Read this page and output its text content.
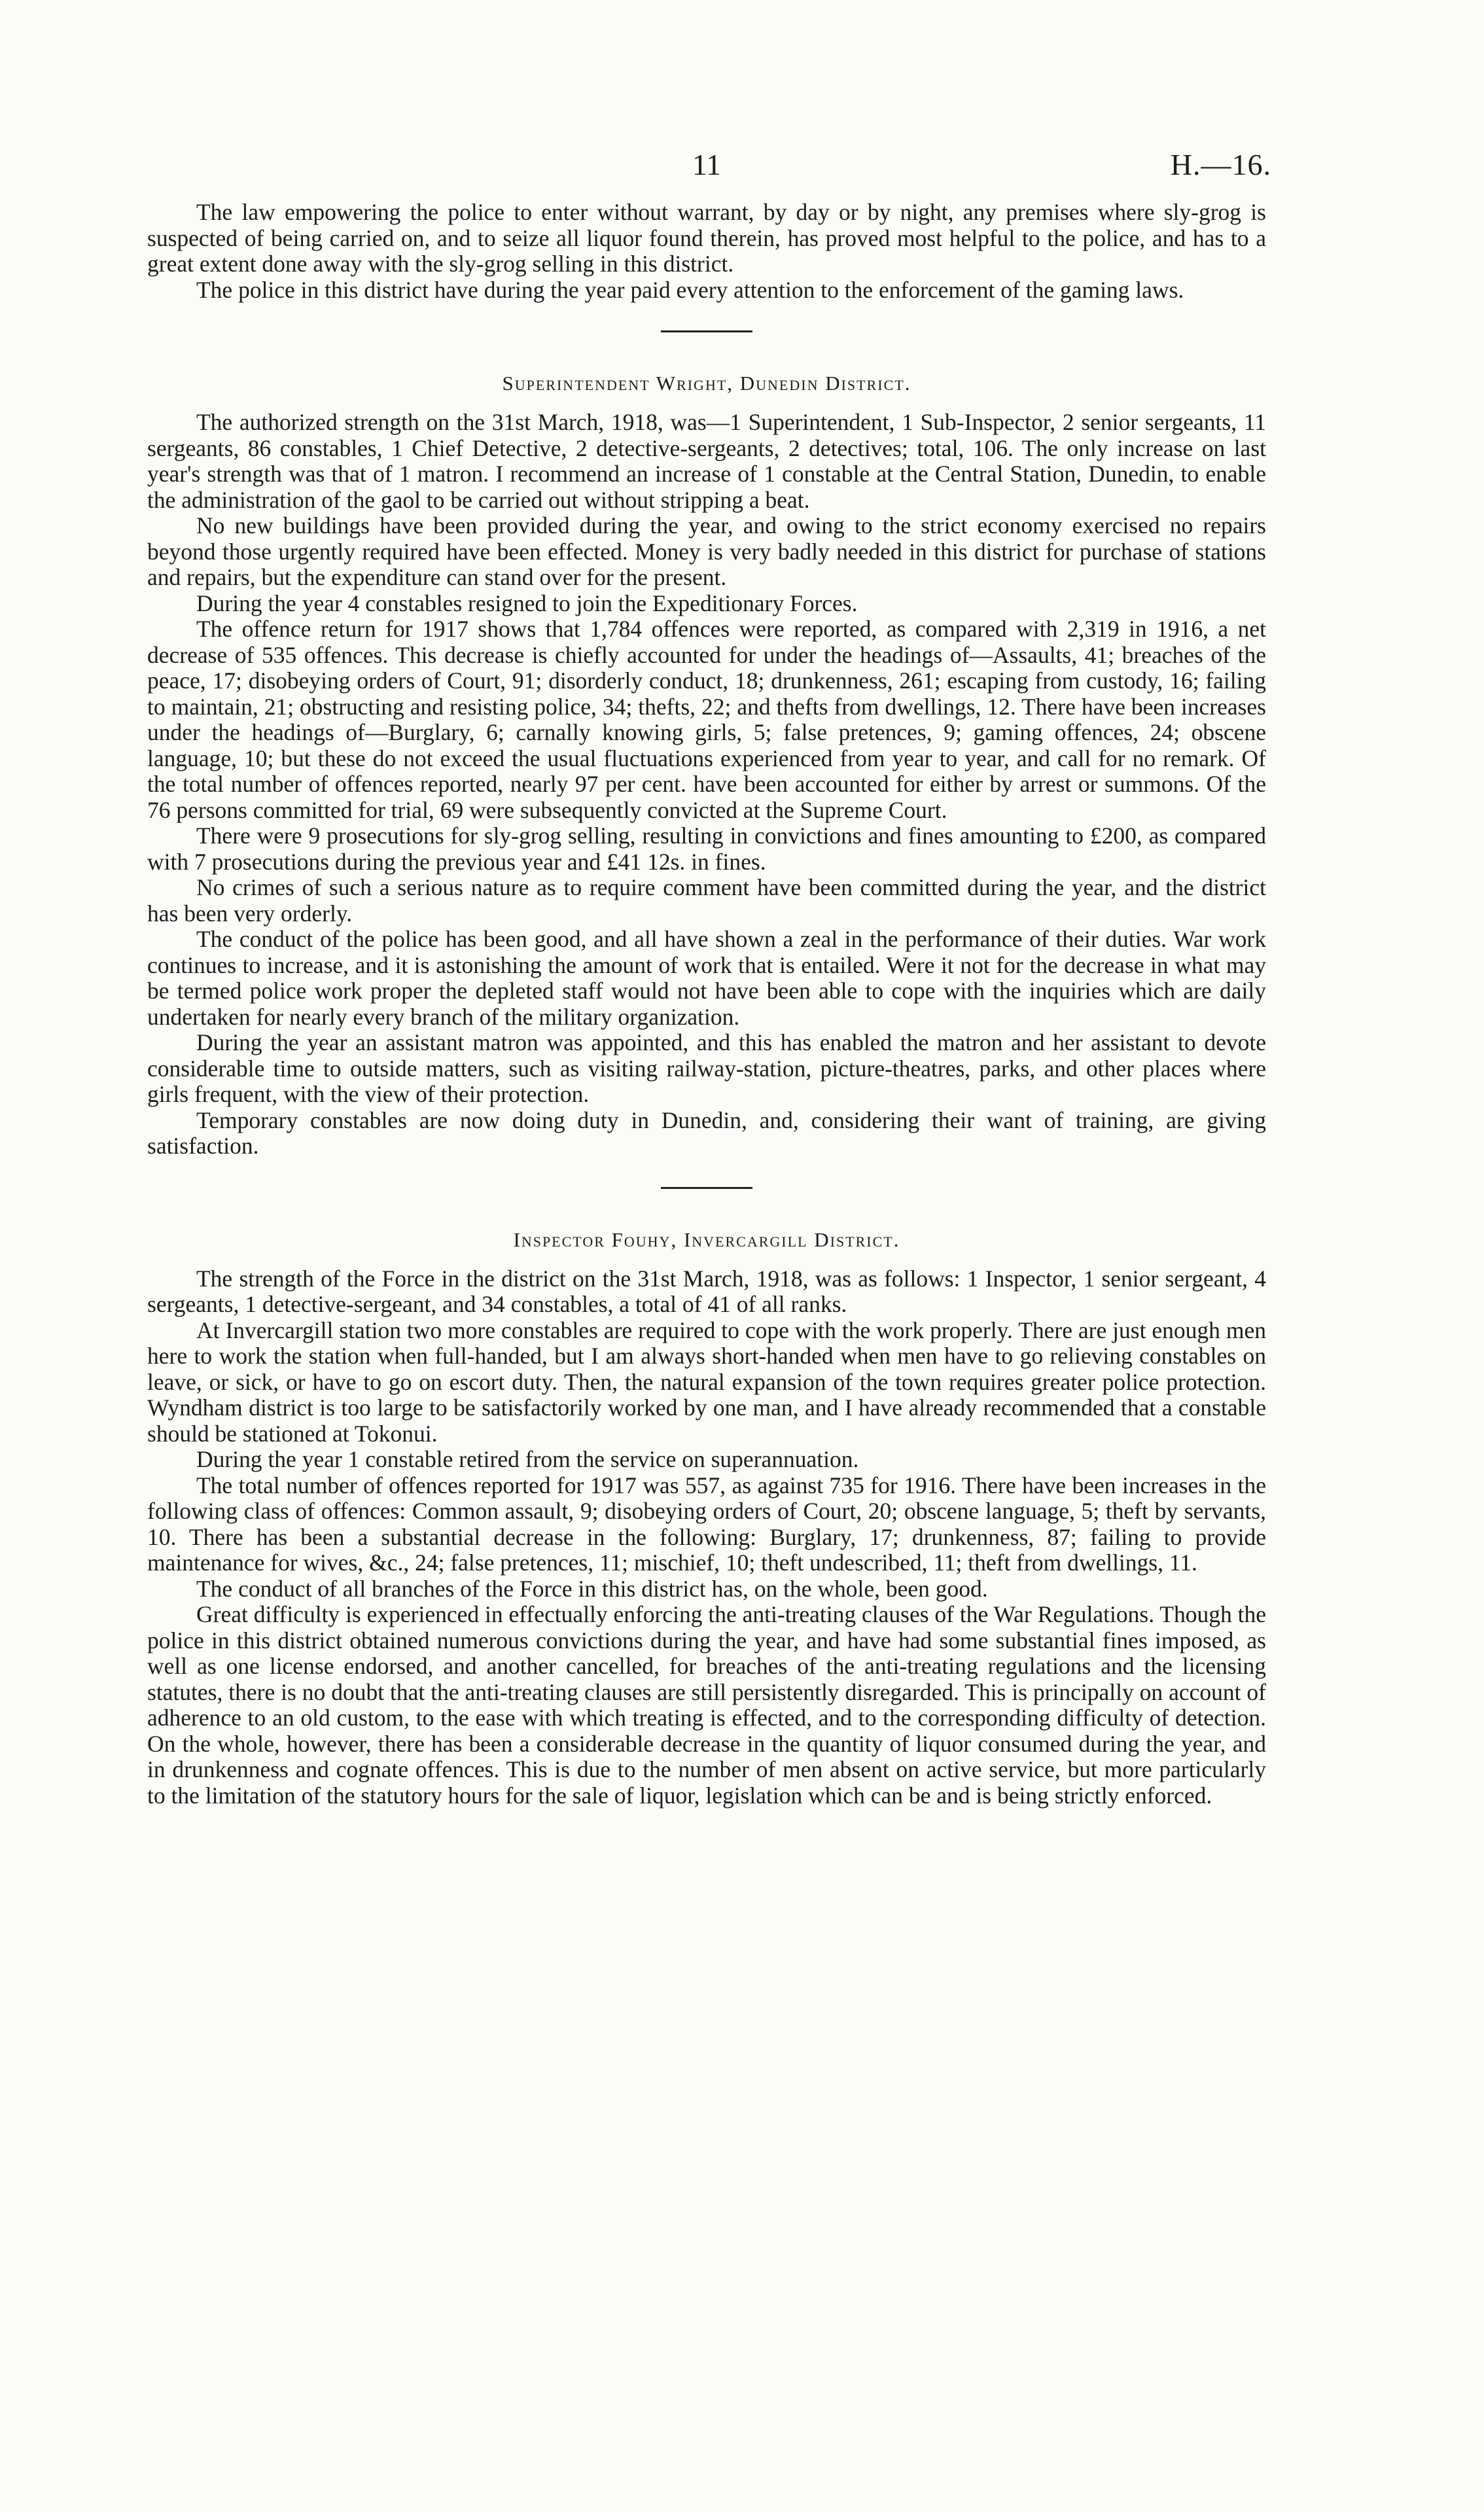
11	H.—16.

The law empowering the police to enter without warrant, by day or by night, any premises where sly-grog is suspected of being carried on, and to seize all liquor found therein, has proved most helpful to the police, and has to a great extent done away with the sly-grog selling in this district.

The police in this district have during the year paid every attention to the enforcement of the gaming laws.

Superintendent Wright, Dunedin District.

The authorized strength on the 31st March, 1918, was—1 Superintendent, 1 Sub-Inspector, 2 senior sergeants, 11 sergeants, 86 constables, 1 Chief Detective, 2 detective-sergeants, 2 detectives; total, 106. The only increase on last year's strength was that of 1 matron. I recommend an increase of 1 constable at the Central Station, Dunedin, to enable the administration of the gaol to be carried out without stripping a beat.

No new buildings have been provided during the year, and owing to the strict economy exercised no repairs beyond those urgently required have been effected. Money is very badly needed in this district for purchase of stations and repairs, but the expenditure can stand over for the present.

During the year 4 constables resigned to join the Expeditionary Forces.

The offence return for 1917 shows that 1,784 offences were reported, as compared with 2,319 in 1916, a net decrease of 535 offences. This decrease is chiefly accounted for under the headings of—Assaults, 41; breaches of the peace, 17; disobeying orders of Court, 91; disorderly conduct, 18; drunkenness, 261; escaping from custody, 16; failing to maintain, 21; obstructing and resisting police, 34; thefts, 22; and thefts from dwellings, 12. There have been increases under the headings of—Burglary, 6; carnally knowing girls, 5; false pretences, 9; gaming offences, 24; obscene language, 10; but these do not exceed the usual fluctuations experienced from year to year, and call for no remark. Of the total number of offences reported, nearly 97 per cent. have been accounted for either by arrest or summons. Of the 76 persons committed for trial, 69 were subsequently convicted at the Supreme Court.

There were 9 prosecutions for sly-grog selling, resulting in convictions and fines amounting to £200, as compared with 7 prosecutions during the previous year and £41 12s. in fines.

No crimes of such a serious nature as to require comment have been committed during the year, and the district has been very orderly.

The conduct of the police has been good, and all have shown a zeal in the performance of their duties. War work continues to increase, and it is astonishing the amount of work that is entailed. Were it not for the decrease in what may be termed police work proper the depleted staff would not have been able to cope with the inquiries which are daily undertaken for nearly every branch of the military organization.

During the year an assistant matron was appointed, and this has enabled the matron and her assistant to devote considerable time to outside matters, such as visiting railway-station, picture-theatres, parks, and other places where girls frequent, with the view of their protection.

Temporary constables are now doing duty in Dunedin, and, considering their want of training, are giving satisfaction.

Inspector Fouhy, Invercargill District.

The strength of the Force in the district on the 31st March, 1918, was as follows: 1 Inspector, 1 senior sergeant, 4 sergeants, 1 detective-sergeant, and 34 constables, a total of 41 of all ranks.

At Invercargill station two more constables are required to cope with the work properly. There are just enough men here to work the station when full-handed, but I am always short-handed when men have to go relieving constables on leave, or sick, or have to go on escort duty. Then, the natural expansion of the town requires greater police protection. Wyndham district is too large to be satisfactorily worked by one man, and I have already recommended that a constable should be stationed at Tokonui.

During the year 1 constable retired from the service on superannuation.

The total number of offences reported for 1917 was 557, as against 735 for 1916. There have been increases in the following class of offences: Common assault, 9; disobeying orders of Court, 20; obscene language, 5; theft by servants, 10. There has been a substantial decrease in the following: Burglary, 17; drunkenness, 87; failing to provide maintenance for wives, &c., 24; false pretences, 11; mischief, 10; theft undescribed, 11; theft from dwellings, 11.

The conduct of all branches of the Force in this district has, on the whole, been good.

Great difficulty is experienced in effectually enforcing the anti-treating clauses of the War Regulations. Though the police in this district obtained numerous convictions during the year, and have had some substantial fines imposed, as well as one license endorsed, and another cancelled, for breaches of the anti-treating regulations and the licensing statutes, there is no doubt that the anti-treating clauses are still persistently disregarded. This is principally on account of adherence to an old custom, to the ease with which treating is effected, and to the corresponding difficulty of detection. On the whole, however, there has been a considerable decrease in the quantity of liquor consumed during the year, and in drunkenness and cognate offences. This is due to the number of men absent on active service, but more particularly to the limitation of the statutory hours for the sale of liquor, legislation which can be and is being strictly enforced.
